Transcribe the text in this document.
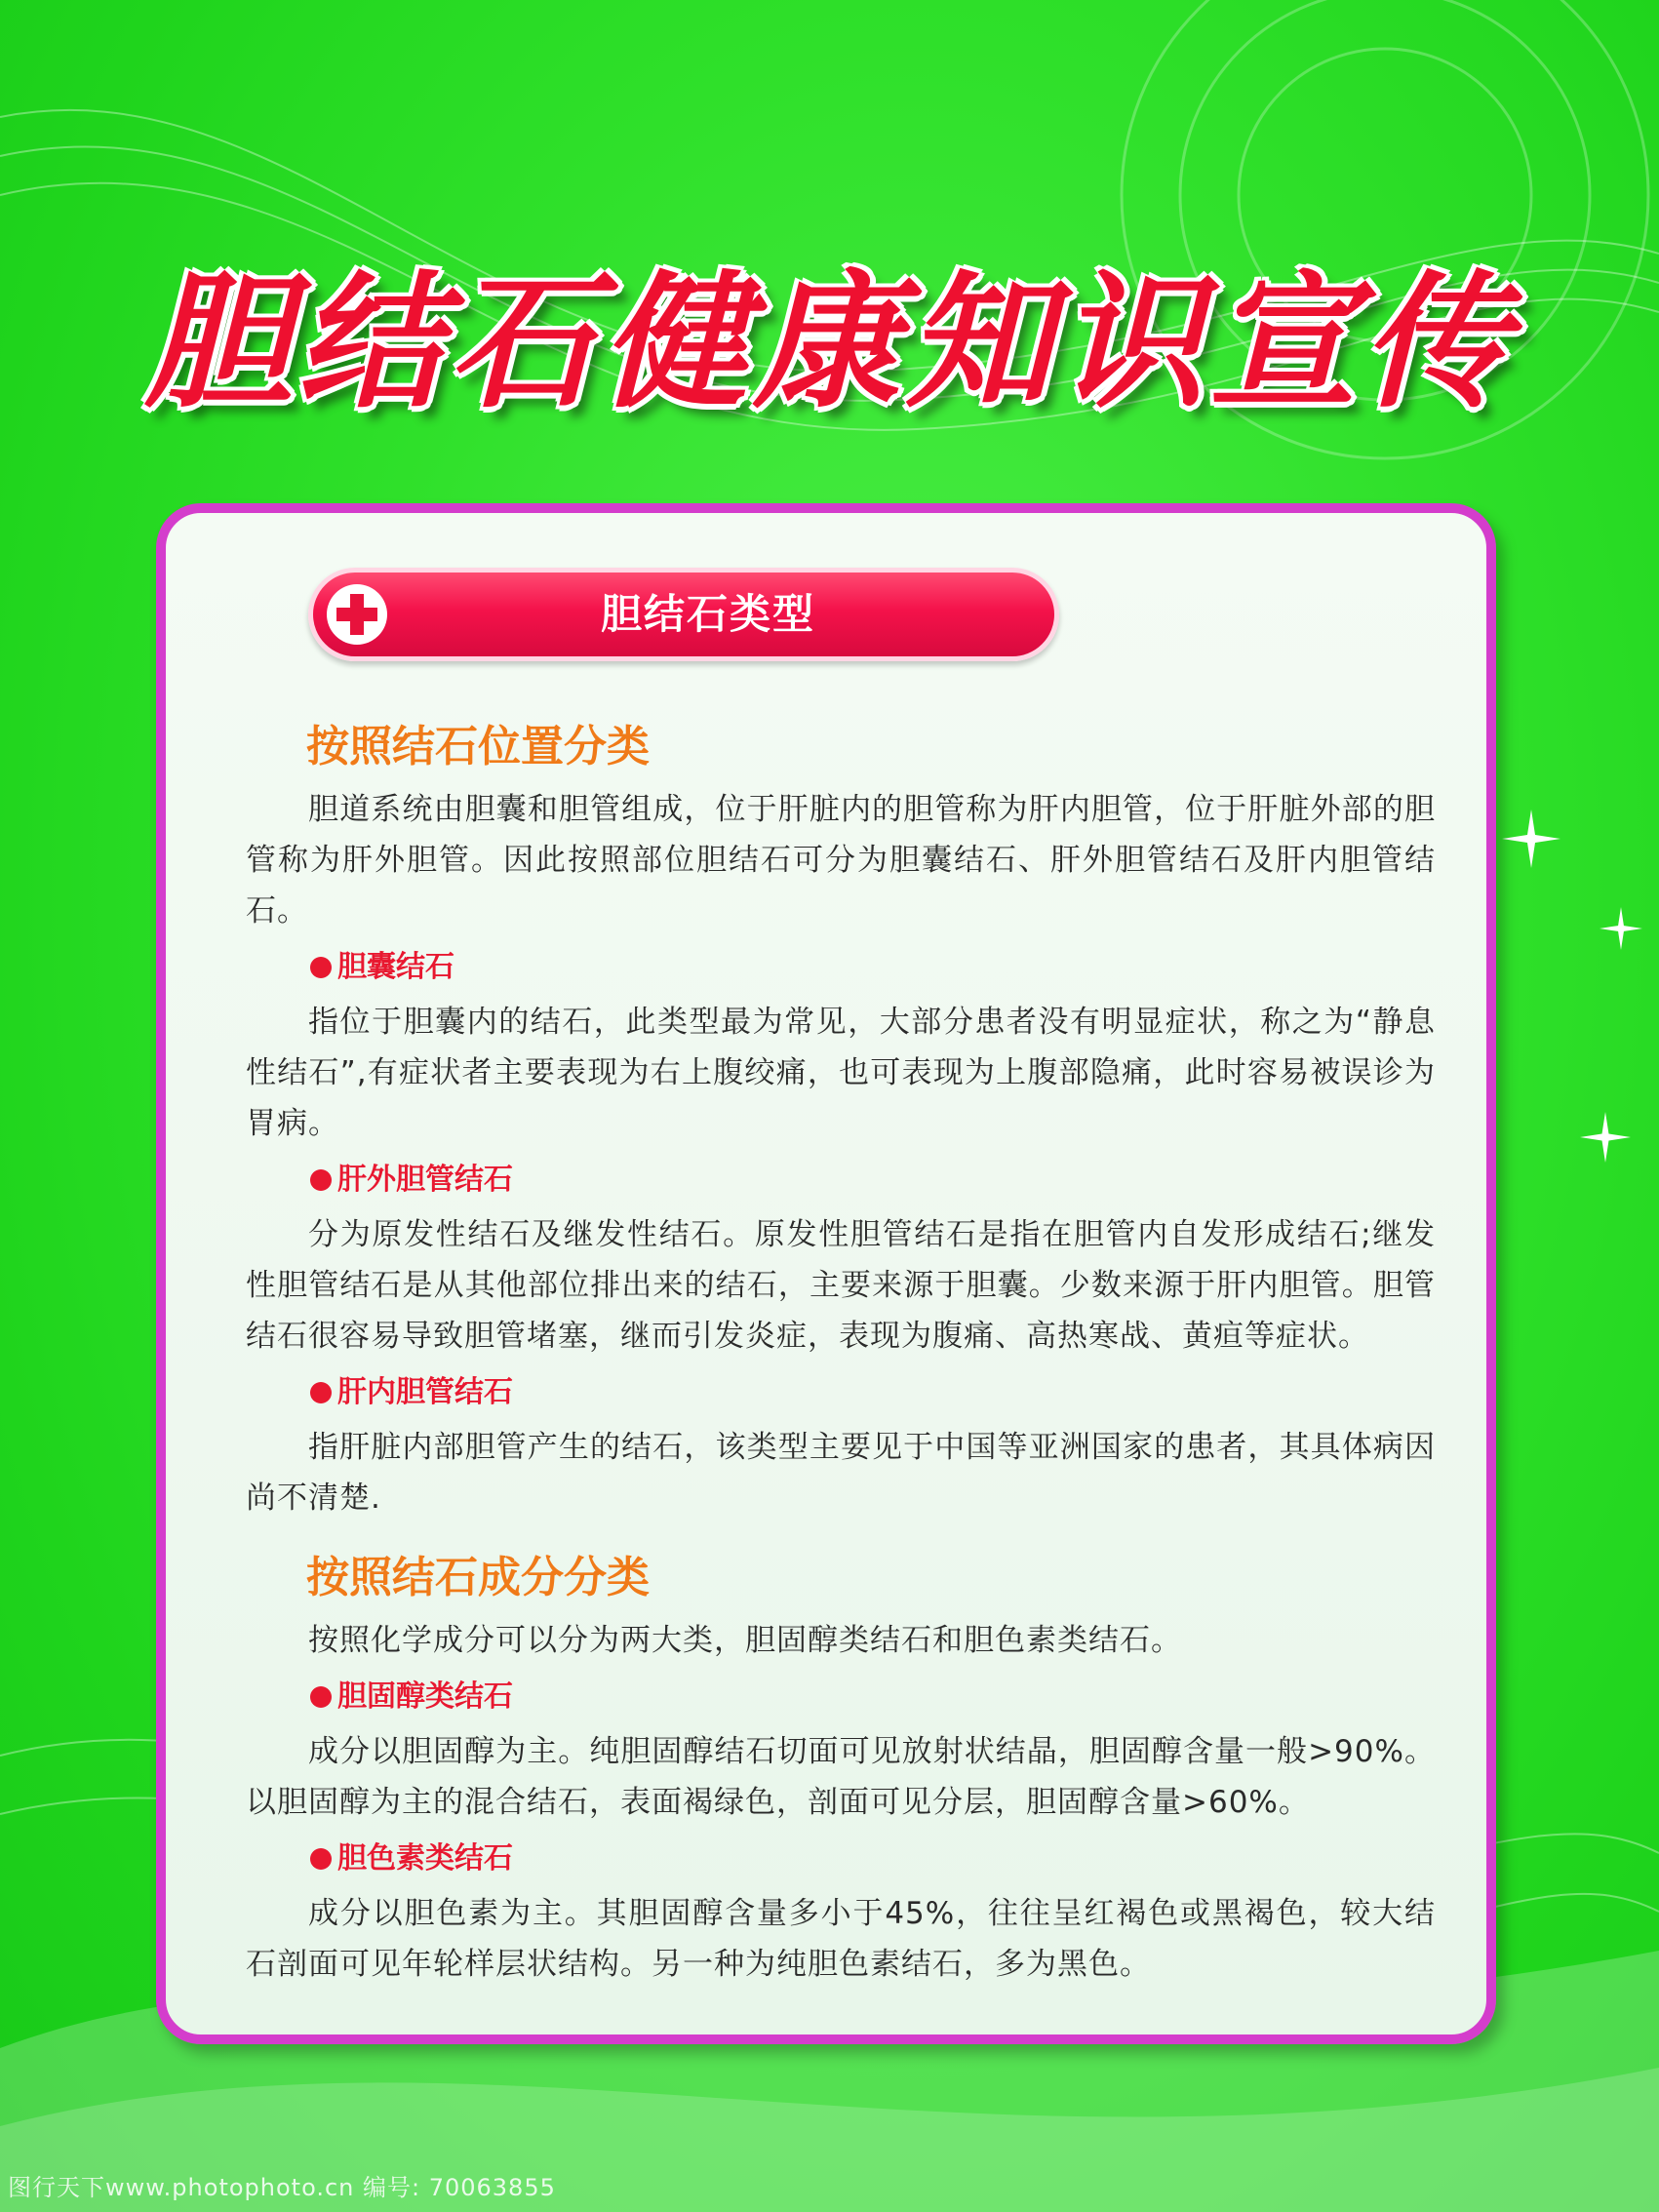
胆结石健康知识宣传
胆结石类型
按照结石位置分类

胆道系统由胆囊和胆管组成，位于肝脏内的胆管称为肝内胆管，位于肝脏外部的胆管称为肝外胆管。因此按照部位胆结石可分为胆囊结石、肝外胆管结石及肝内胆管结石。

胆囊结石

指位于胆囊内的结石，此类型最为常见，大部分患者没有明显症状，称之为“静息性结石”,有症状者主要表现为右上腹绞痛，也可表现为上腹部隐痛，此时容易被误诊为胃病。

肝外胆管结石

分为原发性结石及继发性结石。原发性胆管结石是指在胆管内自发形成结石;继发性胆管结石是从其他部位排出来的结石，主要来源于胆囊。少数来源于肝内胆管。胆管结石很容易导致胆管堵塞，继而引发炎症，表现为腹痛、高热寒战、黄疸等症状。

肝内胆管结石

指肝脏内部胆管产生的结石，该类型主要见于中国等亚洲国家的患者，其具体病因尚不清楚.

按照结石成分分类

按照化学成分可以分为两大类，胆固醇类结石和胆色素类结石。

胆固醇类结石

成分以胆固醇为主。纯胆固醇结石切面可见放射状结晶，胆固醇含量一般>90%。以胆固醇为主的混合结石，表面褐绿色，剖面可见分层，胆固醇含量>60%。

胆色素类结石

成分以胆色素为主。其胆固醇含量多小于45%，往往呈红褐色或黑褐色，较大结石剖面可见年轮样层状结构。另一种为纯胆色素结石，多为黑色。

图行天下www.photophoto.cn 编号: 70063855
